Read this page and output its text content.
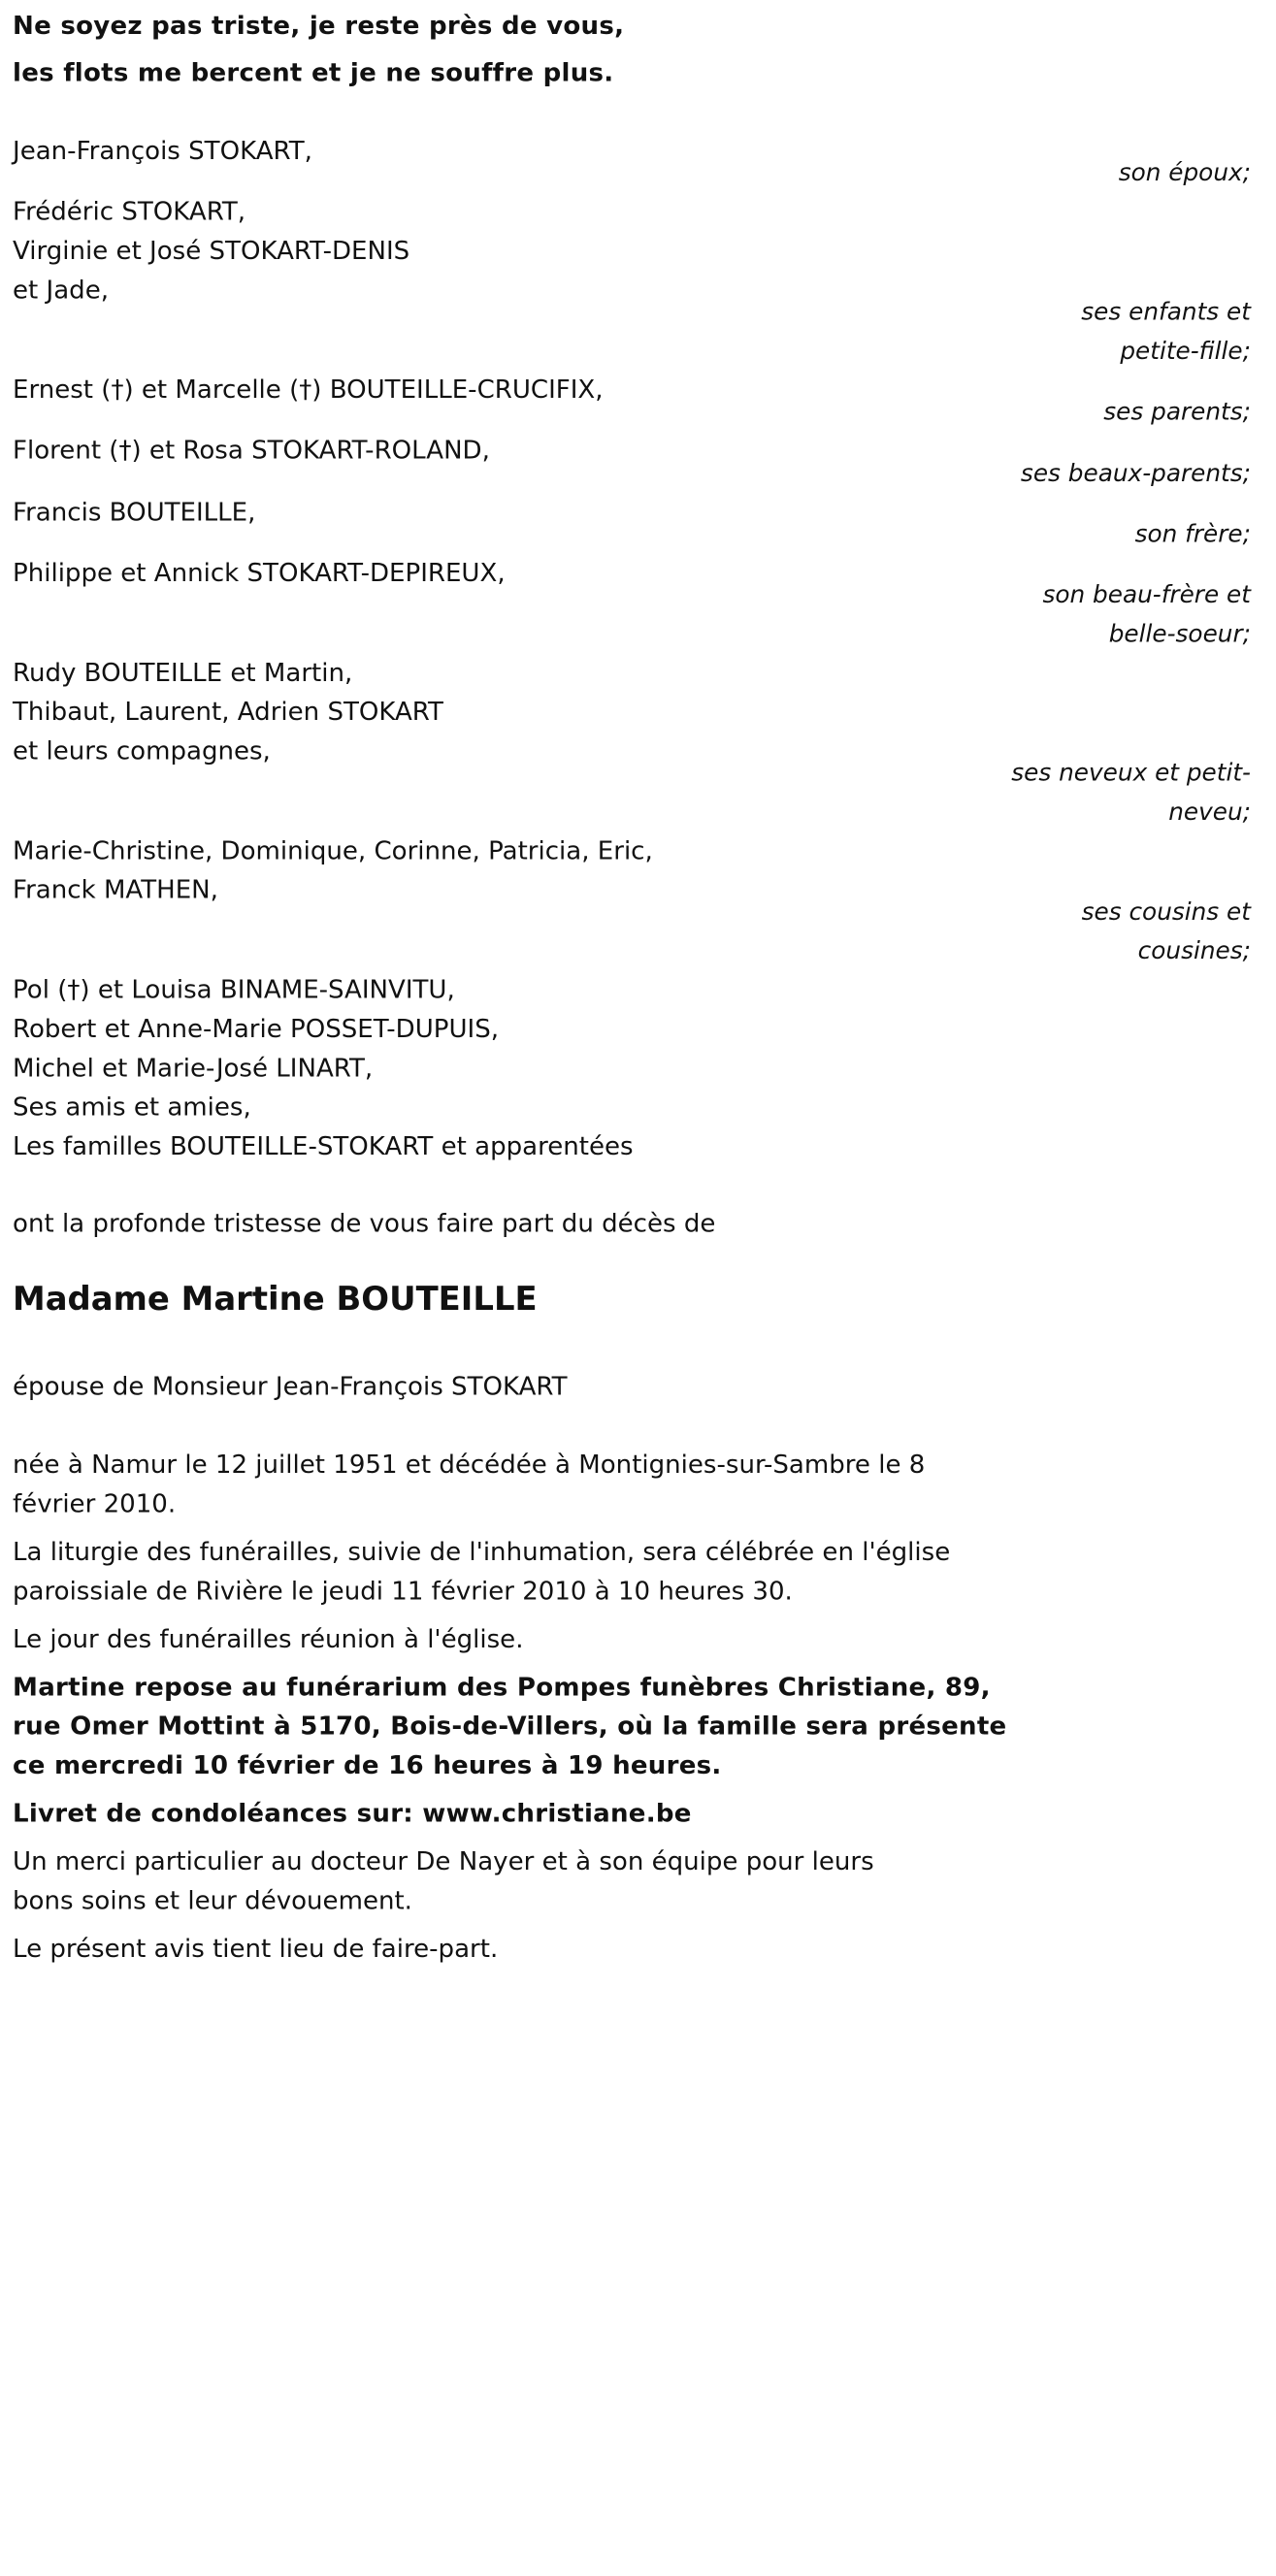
Ne soyez pas triste, je reste près de vous,
les flots me bercent et je ne souffre plus.
Jean-François STOKART,
son époux;
Frédéric STOKART,
Virginie et José STOKART-DENIS
et Jade,
ses enfants et
petite-fille;
Ernest (†) et Marcelle (†) BOUTEILLE-CRUCIFIX,
ses parents;
Florent (†) et Rosa STOKART-ROLAND,
ses beaux-parents;
Francis BOUTEILLE,
son frère;
Philippe et Annick STOKART-DEPIREUX,
son beau-frère et
belle-soeur;
Rudy BOUTEILLE et Martin,
Thibaut, Laurent, Adrien STOKART
et leurs compagnes,
ses neveux et petit-
neveu;
Marie-Christine, Dominique, Corinne, Patricia, Eric,
Franck MATHEN,
ses cousins et
cousines;
Pol (†) et Louisa BINAME-SAINVITU,
Robert et Anne-Marie POSSET-DUPUIS,
Michel et Marie-José LINART,
Ses amis et amies,
Les familles BOUTEILLE-STOKART et apparentées
ont la profonde tristesse de vous faire part du décès de
Madame Martine BOUTEILLE
épouse de Monsieur Jean-François STOKART
née à Namur le 12 juillet 1951 et décédée à Montignies-sur-Sambre le 8
février 2010.
La liturgie des funérailles, suivie de l'inhumation, sera célébrée en l'église
paroissiale de Rivière le jeudi 11 février 2010 à 10 heures 30.
Le jour des funérailles réunion à l'église.
Martine repose au funérarium des Pompes funèbres Christiane, 89,
rue Omer Mottint à 5170, Bois-de-Villers, où la famille sera présente
ce mercredi 10 février de 16 heures à 19 heures.
Livret de condoléances sur: www.christiane.be
Un merci particulier au docteur De Nayer et à son équipe pour leurs
bons soins et leur dévouement.
Le présent avis tient lieu de faire-part.
